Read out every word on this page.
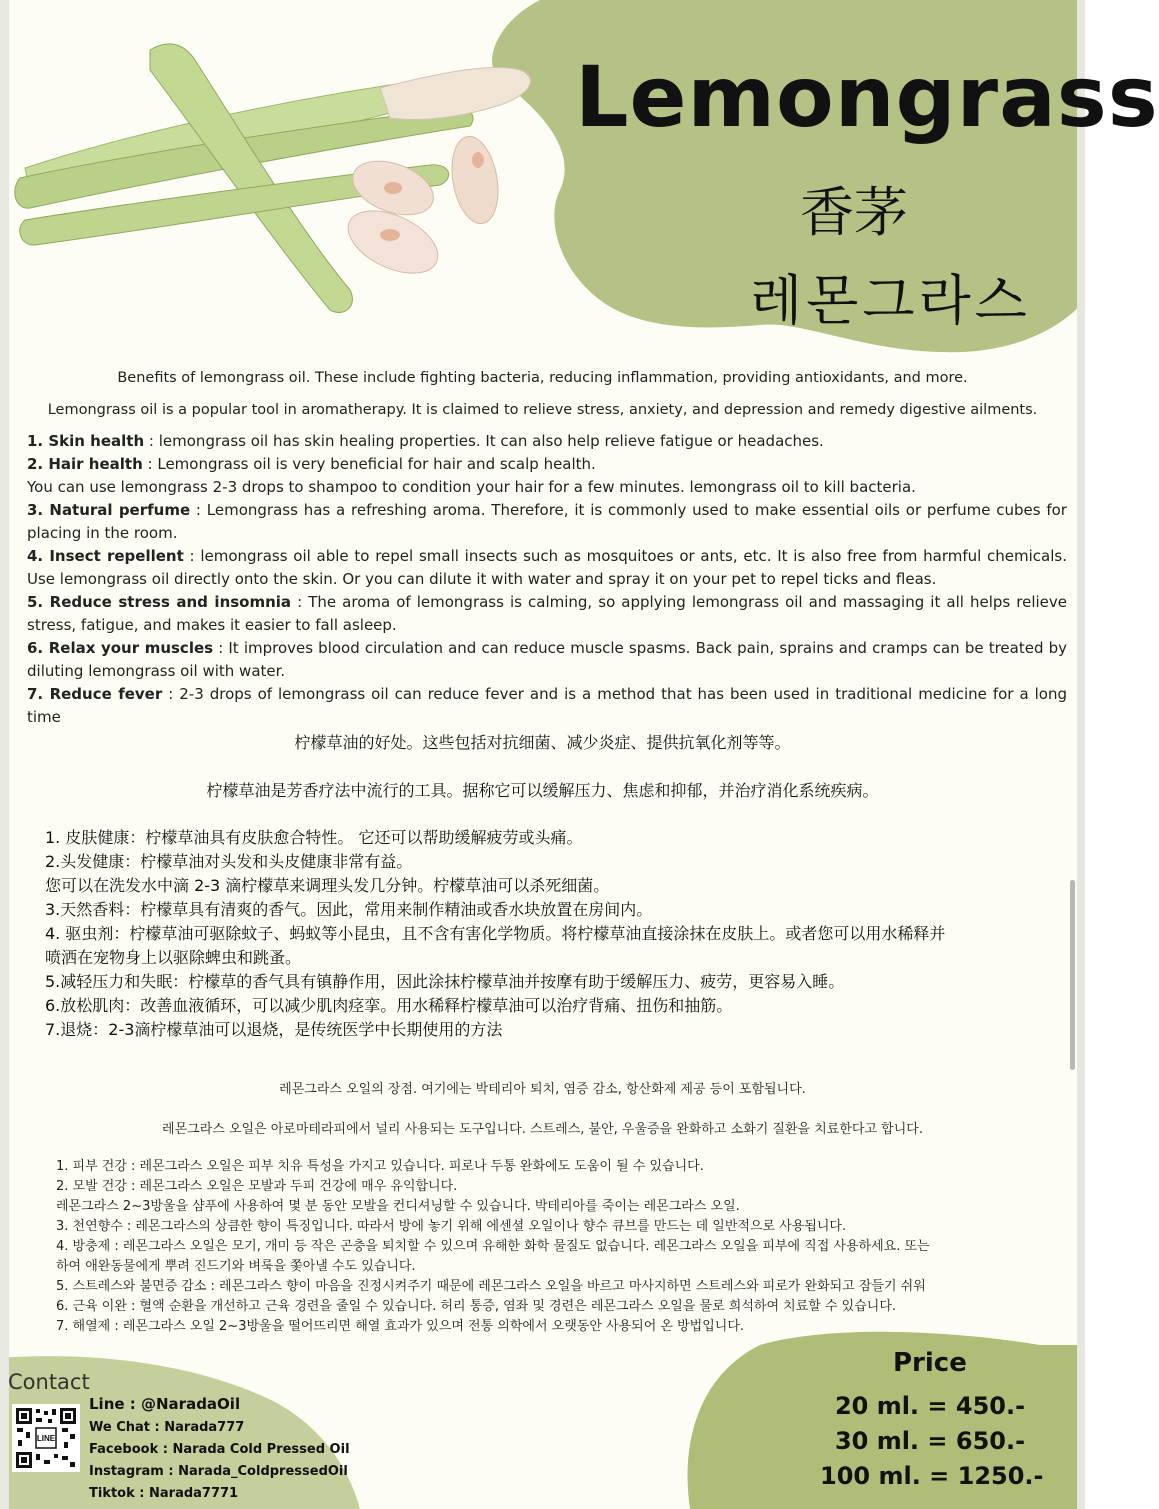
Lemongrass
香茅
레몬그라스
Benefits of lemongrass oil. These include fighting bacteria, reducing inflammation, providing antioxidants, and more.
Lemongrass oil is a popular tool in aromatherapy. It is claimed to relieve stress, anxiety, and depression and remedy digestive ailments.

1. Skin health : lemongrass oil has skin healing properties. It can also help relieve fatigue or headaches.

2. Hair health : Lemongrass oil is very beneficial for hair and scalp health.

You can use lemongrass 2-3 drops to shampoo to condition your hair for a few minutes. lemongrass oil to kill bacteria.

3. Natural perfume : Lemongrass has a refreshing aroma. Therefore, it is commonly used to make essential oils or perfume cubes for placing in the room.

4. Insect repellent : lemongrass oil able to repel small insects such as mosquitoes or ants, etc. It is also free from harmful chemicals. Use lemongrass oil directly onto the skin. Or you can dilute it with water and spray it on your pet to repel ticks and fleas.

5. Reduce stress and insomnia : The aroma of lemongrass is calming, so applying lemongrass oil and massaging it all helps relieve stress, fatigue, and makes it easier to fall asleep.

6. Relax your muscles : It improves blood circulation and can reduce muscle spasms. Back pain, sprains and cramps can be treated by diluting lemongrass oil with water.

7. Reduce fever : 2-3 drops of lemongrass oil can reduce fever and is a method that has been used in traditional medicine for a long time

柠檬草油的好处。这些包括对抗细菌、减少炎症、提供抗氧化剂等等。
柠檬草油是芳香疗法中流行的工具。据称它可以缓解压力、焦虑和抑郁，并治疗消化系统疾病。

1. 皮肤健康：柠檬草油具有皮肤愈合特性。 它还可以帮助缓解疲劳或头痛。

2.头发健康：柠檬草油对头发和头皮健康非常有益。

您可以在洗发水中滴 2-3 滴柠檬草来调理头发几分钟。柠檬草油可以杀死细菌。

3.天然香料：柠檬草具有清爽的香气。因此，常用来制作精油或香水块放置在房间内。

4. 驱虫剂：柠檬草油可驱除蚊子、蚂蚁等小昆虫，且不含有害化学物质。将柠檬草油直接涂抹在皮肤上。或者您可以用水稀释并

喷洒在宠物身上以驱除蜱虫和跳蚤。

5.减轻压力和失眠：柠檬草的香气具有镇静作用，因此涂抹柠檬草油并按摩有助于缓解压力、疲劳，更容易入睡。

6.放松肌肉：改善血液循环，可以减少肌肉痉挛。用水稀释柠檬草油可以治疗背痛、扭伤和抽筋。

7.退烧：2-3滴柠檬草油可以退烧，是传统医学中长期使用的方法

레몬그라스 오일의 장점. 여기에는 박테리아 퇴치, 염증 감소, 항산화제 제공 등이 포함됩니다.
레몬그라스 오일은 아로마테라피에서 널리 사용되는 도구입니다. 스트레스, 불안, 우울증을 완화하고 소화기 질환을 치료한다고 합니다.

1. 피부 건강 : 레몬그라스 오일은 피부 치유 특성을 가지고 있습니다. 피로나 두통 완화에도 도움이 될 수 있습니다.

2. 모발 건강 : 레몬그라스 오일은 모발과 두피 건강에 매우 유익합니다.

레몬그라스 2~3방울을 샴푸에 사용하여 몇 분 동안 모발을 컨디셔닝할 수 있습니다. 박테리아를 죽이는 레몬그라스 오일.

3. 천연향수 : 레몬그라스의 상큼한 향이 특징입니다. 따라서 방에 놓기 위해 에센셜 오일이나 향수 큐브를 만드는 데 일반적으로 사용됩니다.

4. 방충제 : 레몬그라스 오일은 모기, 개미 등 작은 곤충을 퇴치할 수 있으며 유해한 화학 물질도 없습니다. 레몬그라스 오일을 피부에 직접 사용하세요. 또는

하여 애완동물에게 뿌려 진드기와 벼룩을 쫓아낼 수도 있습니다.

5. 스트레스와 불면증 감소 : 레몬그라스 향이 마음을 진정시켜주기 때문에 레몬그라스 오일을 바르고 마사지하면 스트레스와 피로가 완화되고 잠들기 쉬워

6. 근육 이완 : 혈액 순환을 개선하고 근육 경련을 줄일 수 있습니다. 허리 통증, 염좌 및 경련은 레몬그라스 오일을 물로 희석하여 치료할 수 있습니다.

7. 해열제 : 레몬그라스 오일 2~3방울을 떨어뜨리면 해열 효과가 있으며 전통 의학에서 오랫동안 사용되어 온 방법입니다.

Contact
LINE
Line : @NaradaOil
We Chat : Narada777
Facebook : Narada Cold Pressed Oil
Instagram : Narada_ColdpressedOil
Tiktok : Narada7771
Price
20 ml. = 450.-
30 ml. = 650.-
100 ml. = 1250.-
